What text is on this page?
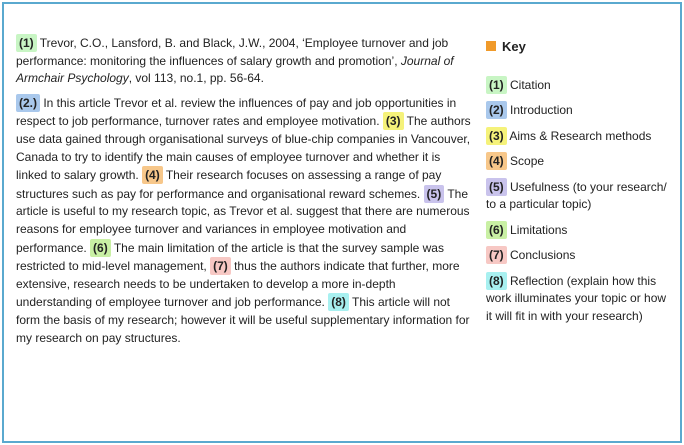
(1) Trevor, C.O., Lansford, B. and Black, J.W., 2004, ‘Employee turnover and job performance: monitoring the influences of salary growth and promotion’, Journal of Armchair Psychology, vol 113, no.1, pp. 56-64.

(2.) In this article Trevor et al. review the influences of pay and job opportunities in respect to job performance, turnover rates and employee motivation. (3) The authors use data gained through organisational surveys of blue-chip companies in Vancouver, Canada to try to identify the main causes of employee turnover and whether it is linked to salary growth. (4) Their research focuses on assessing a range of pay structures such as pay for performance and organisational reward schemes. (5) The article is useful to my research topic, as Trevor et al. suggest that there are numerous reasons for employee turnover and variances in employee motivation and performance. (6) The main limitation of the article is that the survey sample was restricted to mid-level management, (7) thus the authors indicate that further, more extensive, research needs to be undertaken to develop a more in-depth understanding of employee turnover and job performance. (8) This article will not form the basis of my research; however it will be useful supplementary information for my research on pay structures.

Key
(1) Citation
(2) Introduction
(3) Aims & Research methods
(4) Scope
(5) Usefulness (to your research/ to a particular topic)
(6) Limitations
(7) Conclusions
(8) Reflection (explain how this work illuminates your topic or how it will fit in with your research)
